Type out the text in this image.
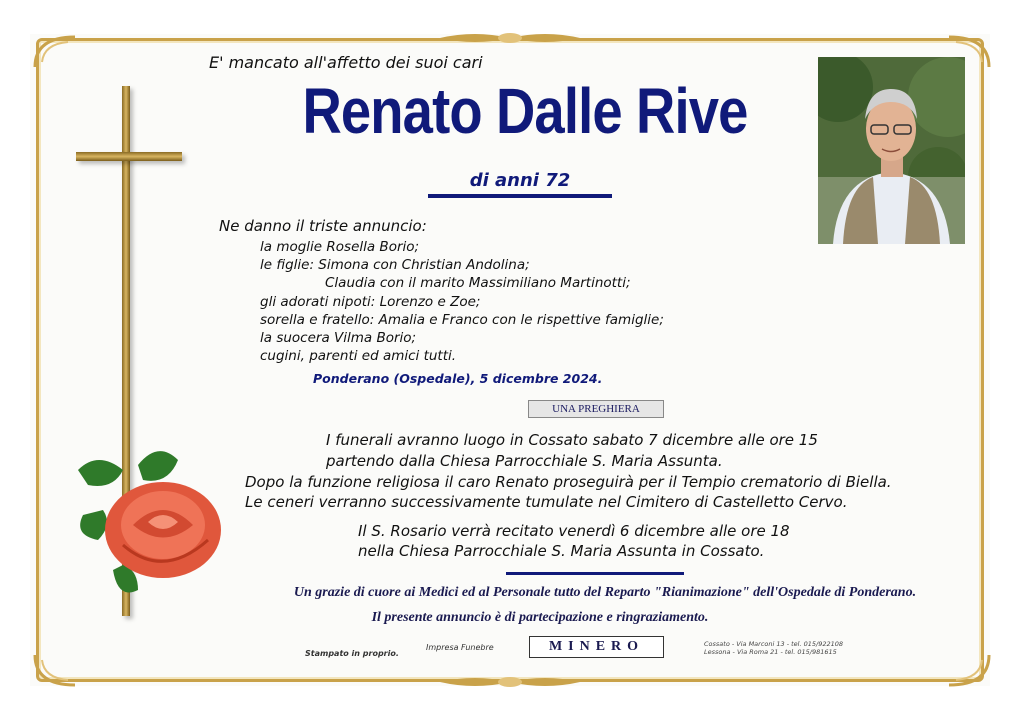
E' mancato all'affetto dei suoi cari
Renato Dalle Rive
di anni 72
Ne danno il triste annuncio:
la moglie Rosella Borio;
le figlie: Simona con Christian Andolina;
Claudia con il marito Massimiliano Martinotti;
gli adorati nipoti: Lorenzo e Zoe;
sorella e fratello: Amalia e Franco con le rispettive famiglie;
la suocera Vilma Borio;
cugini, parenti ed amici tutti.
Ponderano (Ospedale), 5 dicembre 2024.
UNA PREGHIERA
I funerali avranno luogo in Cossato sabato 7 dicembre alle ore 15
partendo dalla Chiesa Parrocchiale S. Maria Assunta.
Dopo la funzione religiosa il caro Renato proseguirà per il Tempio crematorio di Biella.
Le ceneri verranno successivamente tumulate nel Cimitero di Castelletto Cervo.
Il S. Rosario verrà recitato venerdì 6 dicembre alle ore 18
nella Chiesa Parrocchiale S. Maria Assunta in Cossato.
Un grazie di cuore ai Medici ed al Personale tutto del Reparto "Rianimazione" dell'Ospedale di Ponderano.
Il presente annuncio è di partecipazione e ringraziamento.
Stampato in proprio.
Impresa Funebre	MINERO	Cossato - Via Marconi 13 - tel. 015/922108
Lessona - Via Roma 21 - tel. 015/981615
